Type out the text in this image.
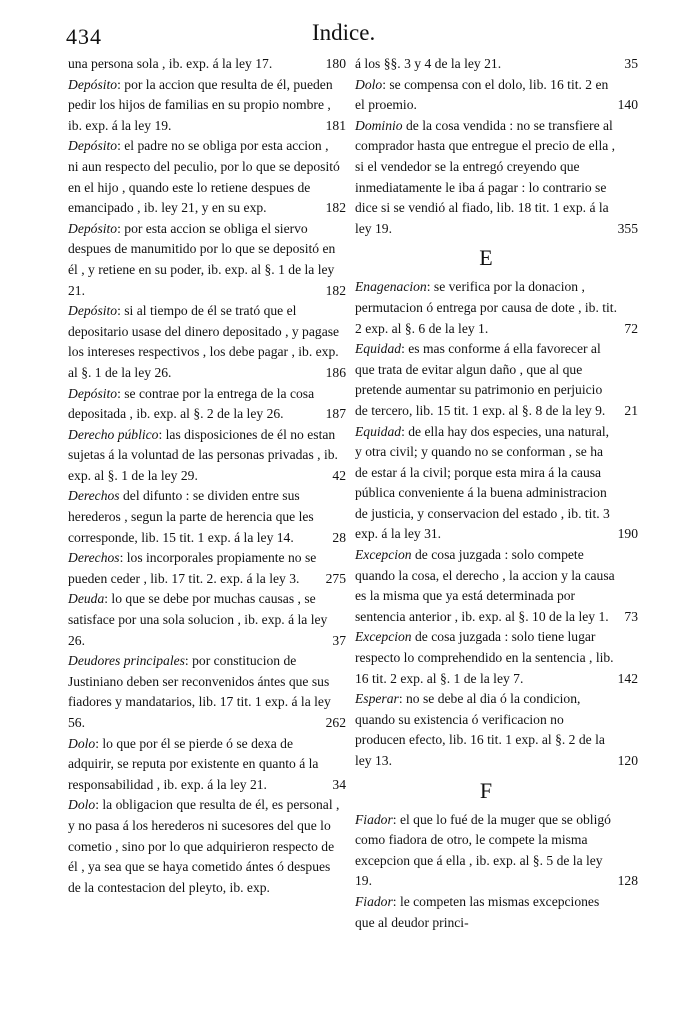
434	Indice.
una persona sola , ib. exp. á la ley 17.	180
Depósito: por la accion que resulta de él, pueden pedir los hijos de familias en su propio nombre , ib. exp. á la ley 19.	181
Depósito: el padre no se obliga por esta accion , ni aun respecto del peculio, por lo que se depositó en el hijo , quando este lo retiene despues de emancipado , ib. ley 21, y en su exp.	182
Depósito: por esta accion se obliga el siervo despues de manumitido por lo que se depositó en él , y retiene en su poder, ib. exp. al §. 1 de la ley 21.	182
Depósito: si al tiempo de él se trató que el depositario usase del dinero depositado , y pagase los intereses respectivos , los debe pagar , ib. exp. al §. 1 de la ley 26.	186
Depósito: se contrae por la entrega de la cosa depositada , ib. exp. al §. 2 de la ley 26.	187
Derecho público: las disposiciones de él no estan sujetas á la voluntad de las personas privadas , ib. exp. al §. 1 de la ley 29.	42
Derechos del difunto : se dividen entre sus herederos , segun la parte de herencia que les corresponde, lib. 15 tit. 1 exp. á la ley 14.	28
Derechos: los incorporales propiamente no se pueden ceder , lib. 17 tit. 2. exp. á la ley 3.	275
Deuda: lo que se debe por muchas causas , se satisface por una sola solucion , ib. exp. á la ley 26.	37
Deudores principales: por constitucion de Justiniano deben ser reconvenidos ántes que sus fiadores y mandatarios, lib. 17 tit. 1 exp. á la ley 56.	262
Dolo: lo que por él se pierde ó se dexa de adquirir, se reputa por existente en quanto á la responsabilidad , ib. exp. á la ley 21.	34
Dolo: la obligacion que resulta de él, es personal , y no pasa á los herederos ni sucesores del que lo cometio , sino por lo que adquirieron respecto de él , ya sea que se haya cometido ántes ó despues de la contestacion del pleyto, ib. exp.
á los §§. 3 y 4 de la ley 21.	35
Dolo: se compensa con el dolo, lib. 16 tit. 2 en el proemio.	140
Dominio de la cosa vendida : no se transfiere al comprador hasta que entregue el precio de ella , si el vendedor se la entregó creyendo que inmediatamente le iba á pagar : lo contrario se dice si se vendió al fiado, lib. 18 tit. 1 exp. á la ley 19.	355
E
Enagenacion: se verifica por la donacion , permutacion ó entrega por causa de dote , ib. tit. 2 exp. al §. 6 de la ley 1.	72
Equidad: es mas conforme á ella favorecer al que trata de evitar algun daño , que al que pretende aumentar su patrimonio en perjuicio de tercero, lib. 15 tit. 1 exp. al §. 8 de la ley 9.	21
Equidad: de ella hay dos especies, una natural, y otra civil; y quando no se conforman , se ha de estar á la civil; porque esta mira á la causa pública conveniente á la buena administracion de justicia, y conservacion del estado , ib. tit. 3 exp. á la ley 31.	190
Excepcion de cosa juzgada : solo compete quando la cosa, el derecho , la accion y la causa es la misma que ya está determinada por sentencia anterior , ib. exp. al §. 10 de la ley 1.	73
Excepcion de cosa juzgada : solo tiene lugar respecto lo comprehendido en la sentencia , lib. 16 tit. 2 exp. al §. 1 de la ley 7.	142
Esperar: no se debe al dia ó la condicion, quando su existencia ó verificacion no producen efecto, lib. 16 tit. 1 exp. al §. 2 de la ley 13.	120
F
Fiador: el que lo fué de la muger que se obligó como fiadora de otro, le compete la misma excepcion que á ella , ib. exp. al §. 5 de la ley 19.	128
Fiador: le competen las mismas excepciones que al deudor princi-
